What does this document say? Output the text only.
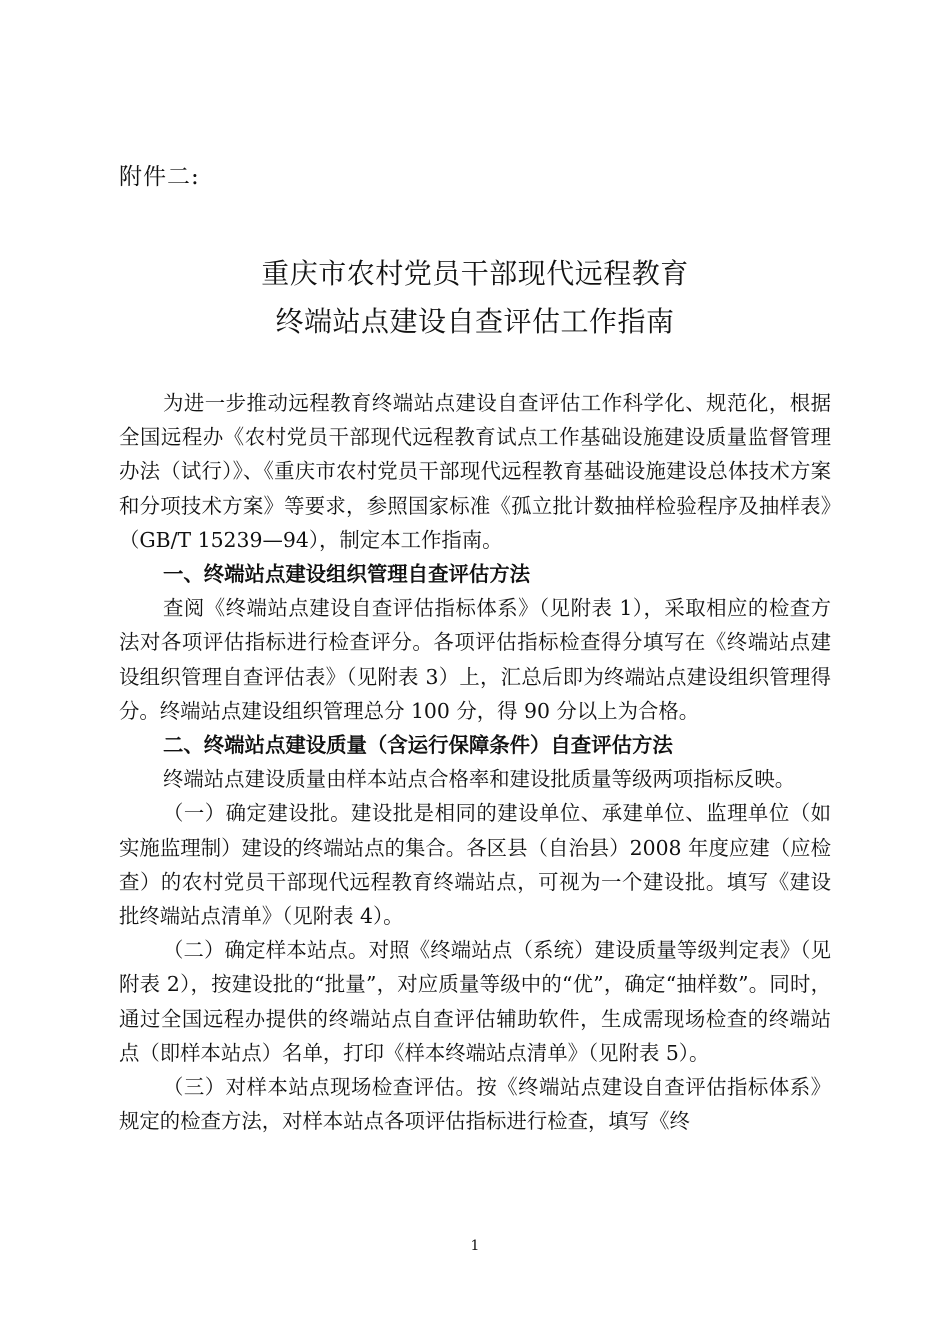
附件二:
重庆市农村党员干部现代远程教育
终端站点建设自查评估工作指南

为进一步推动远程教育终端站点建设自查评估工作科学化、规范化，根据全国远程办《农村党员干部现代远程教育试点工作基础设施建设质量监督管理办法（试行）》、《重庆市农村党员干部现代远程教育基础设施建设总体技术方案和分项技术方案》等要求，参照国家标准《孤立批计数抽样检验程序及抽样表》（GB/T 15239—94），制定本工作指南。

一、终端站点建设组织管理自查评估方法

查阅《终端站点建设自查评估指标体系》（见附表 1），采取相应的检查方法对各项评估指标进行检查评分。各项评估指标检查得分填写在《终端站点建设组织管理自查评估表》（见附表 3）上，汇总后即为终端站点建设组织管理得分。终端站点建设组织管理总分 100 分，得 90 分以上为合格。

二、终端站点建设质量（含运行保障条件）自查评估方法

终端站点建设质量由样本站点合格率和建设批质量等级两项指标反映。

（一）确定建设批。建设批是相同的建设单位、承建单位、监理单位（如实施监理制）建设的终端站点的集合。各区县（自治县）2008 年度应建（应检查）的农村党员干部现代远程教育终端站点，可视为一个建设批。填写《建设批终端站点清单》（见附表 4）。

（二）确定样本站点。对照《终端站点（系统）建设质量等级判定表》（见附表 2），按建设批的“批量”，对应质量等级中的“优”，确定“抽样数”。同时，通过全国远程办提供的终端站点自查评估辅助软件，生成需现场检查的终端站点（即样本站点）名单，打印《样本终端站点清单》（见附表 5）。

（三）对样本站点现场检查评估。按《终端站点建设自查评估指标体系》规定的检查方法，对样本站点各项评估指标进行检查，填写《终

1
